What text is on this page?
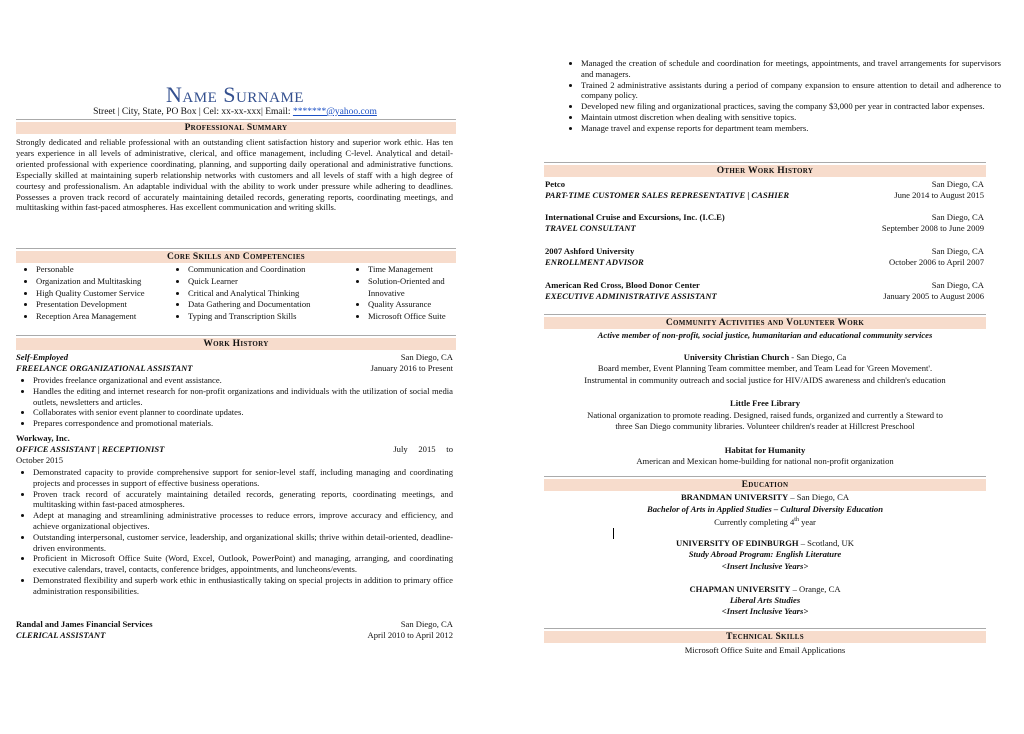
Name Surname
Street | City, State, PO Box | Cel: xx-xx-xxx| Email: *******@yahoo.com
Professional Summary
Strongly dedicated and reliable professional with an outstanding client satisfaction history and superior work ethic. Has ten years experience in all levels of administrative, clerical, and office management, including C-level. Analytical and detail-oriented professional with experience coordinating, planning, and supporting daily operational and administrative functions. Especially skilled at maintaining superb relationship networks with customers and all levels of staff with a high degree of courtesy and professionalism. An adaptable individual with the ability to work under pressure while adhering to deadlines. Possesses a proven track record of accurately maintaining detailed records, generating reports, coordinating meetings, and multitasking within fast-paced atmospheres. Has excellent communication and writing skills.
Core Skills and Competencies
• Personable
• Organization and Multitasking
• High Quality Customer Service
• Presentation Development
• Reception Area Management
• Communication and Coordination
• Quick Learner
• Critical and Analytical Thinking
• Data Gathering and Documentation
• Typing and Transcription Skills
• Time Management
• Solution-Oriented and Innovative
• Quality Assurance
• Microsoft Office Suite
Work History
Self-Employed	San Diego, CA
FREELANCE ORGANIZATIONAL ASSISTANT	January 2016 to Present
• Provides freelance organizational and event assistance.
• Handles the editing and internet research for non-profit organizations and individuals with the utilization of social media outlets, newsletters and articles.
• Collaborates with senior event planner to coordinate updates.
• Prepares correspondence and promotional materials.
Workway, Inc.
OFFICE ASSISTANT | RECEPTIONIST	July     2015     to
October 2015
• Demonstrated capacity to provide comprehensive support for senior-level staff, including managing and coordinating projects and processes in support of effective business operations.
• Proven track record of accurately maintaining detailed records, generating reports, coordinating meetings, and multitasking within fast-paced atmospheres.
• Adept at managing and streamlining administrative processes to reduce errors, improve accuracy and efficiency, and achieve organizational objectives.
• Outstanding interpersonal, customer service, leadership, and organizational skills; thrive within detail-oriented, deadline-driven environments.
• Proficient in Microsoft Office Suite (Word, Excel, Outlook, PowerPoint) and managing, arranging, and coordinating executive calendars, travel, contacts, conference bridges, appointments, and luncheons/events.
• Demonstrated flexibility and superb work ethic in enthusiastically taking on special projects in addition to primary office administration responsibilities.
Randal and James Financial Services	San Diego, CA
CLERICAL ASSISTANT	April 2010 to April 2012
• Managed the creation of schedule and coordination for meetings, appointments, and travel arrangements for supervisors and managers.
• Trained 2 administrative assistants during a period of company expansion to ensure attention to detail and adherence to company policy.
• Developed new filing and organizational practices, saving the company $3,000 per year in contracted labor expenses.
• Maintain utmost discretion when dealing with sensitive topics.
• Manage travel and expense reports for department team members.
Other Work History
Petco	San Diego, CA
PART-TIME CUSTOMER SALES REPRESENTATIVE | CASHIER	June 2014 to August 2015
International Cruise and Excursions, Inc. (I.C.E)	San Diego, CA
TRAVEL CONSULTANT	September 2008 to June 2009
2007 Ashford University	San Diego, CA
ENROLLMENT ADVISOR	October 2006 to April 2007
American Red Cross, Blood Donor Center	San Diego, CA
EXECUTIVE ADMINISTRATIVE ASSISTANT	January 2005 to August 2006
Community Activities and Volunteer Work
Active member of non-profit, social justice, humanitarian and educational community services
University Christian Church - San Diego, Ca
Board member, Event Planning Team committee member, and Team Lead for 'Green Movement'.
Instrumental in community outreach and social justice for HIV/AIDS awareness and children's education
Little Free Library
National organization to promote reading. Designed, raised funds, organized and currently a Steward to
three San Diego community libraries. Volunteer children's reader at Hillcrest Preschool
Habitat for Humanity
American and Mexican home-building for national non-profit organization
Education
BRANDMAN UNIVERSITY – San Diego, CA
Bachelor of Arts in Applied Studies – Cultural Diversity Education
Currently completing 4th year
UNIVERSITY OF EDINBURGH – Scotland, UK
Study Abroad Program: English Literature
<Insert Inclusive Years>
CHAPMAN UNIVERSITY – Orange, CA
Liberal Arts Studies
<Insert Inclusive Years>
Technical Skills
Microsoft Office Suite and Email Applications
